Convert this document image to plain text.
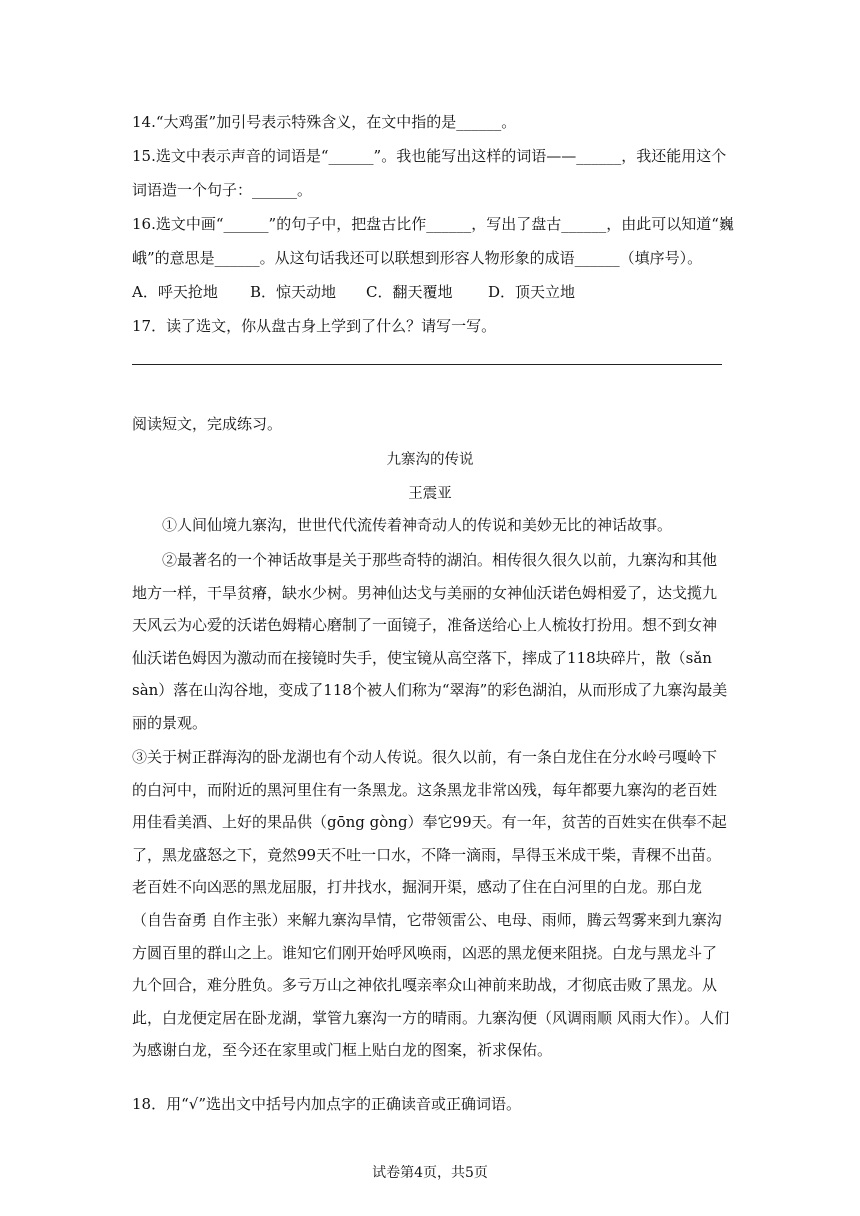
14.“大鸡蛋”加引号表示特殊含义，在文中指的是______。
15.选文中表示声音的词语是“______”。我也能写出这样的词语——______，我还能用这个
词语造一个句子：______。
16.选文中画“______”的句子中，把盘古比作______，写出了盘古______，由此可以知道“巍
峨”的意思是______。从这句话我还可以联想到形容人物形象的成语______（填序号）。
A．呼天抢地 B．惊天动地 C．翻天覆地 D．顶天立地
17．读了选文，你从盘古身上学到了什么？请写一写。
阅读短文，完成练习。
九寨沟的传说
王震亚
①人间仙境九寨沟，世世代代流传着神奇动人的传说和美妙无比的神话故事。
②最著名的一个神话故事是关于那些奇特的湖泊。相传很久很久以前，九寨沟和其他地方一样，干旱贫瘠，缺水少树。男神仙达戈与美丽的女神仙沃诺色姆相爱了，达戈揽九天风云为心爱的沃诺色姆精心磨制了一面镜子，准备送给心上人梳妆打扮用。想不到女神仙沃诺色姆因为激动而在接镜时失手，使宝镜从高空落下，摔成了118块碎片，散（sǎn sàn）落在山沟谷地，变成了118个被人们称为“翠海”的彩色湖泊，从而形成了九寨沟最美丽的景观。
③关于树正群海沟的卧龙湖也有个动人传说。很久以前，有一条白龙住在分水岭弓嘎岭下的白河中，而附近的黑河里住有一条黑龙。这条黑龙非常凶残，每年都要九寨沟的老百姓用佳看美酒、上好的果品供（gōng gòng）奉它99天。有一年，贫苦的百姓实在供奉不起了，黑龙盛怒之下，竟然99天不吐一口水，不降一滴雨，旱得玉米成干柴，青稞不出苗。老百姓不向凶恶的黑龙屈服，打井找水，掘洞开渠，感动了住在白河里的白龙。那白龙（自告奋勇 自作主张）来解九寨沟旱情，它带领雷公、电母、雨师，腾云驾雾来到九寨沟方圆百里的群山之上。谁知它们刚开始呼风唤雨，凶恶的黑龙便来阻挠。白龙与黑龙斗了九个回合，难分胜负。多亏万山之神依扎嘎亲率众山神前来助战，才彻底击败了黑龙。从此，白龙便定居在卧龙湖，掌管九寨沟一方的晴雨。九寨沟便（风调雨顺 风雨大作）。人们为感谢白龙，至今还在家里或门框上贴白龙的图案，祈求保佑。
18．用“√”选出文中括号内加点字的正确读音或正确词语。
试卷第4页，共5页
